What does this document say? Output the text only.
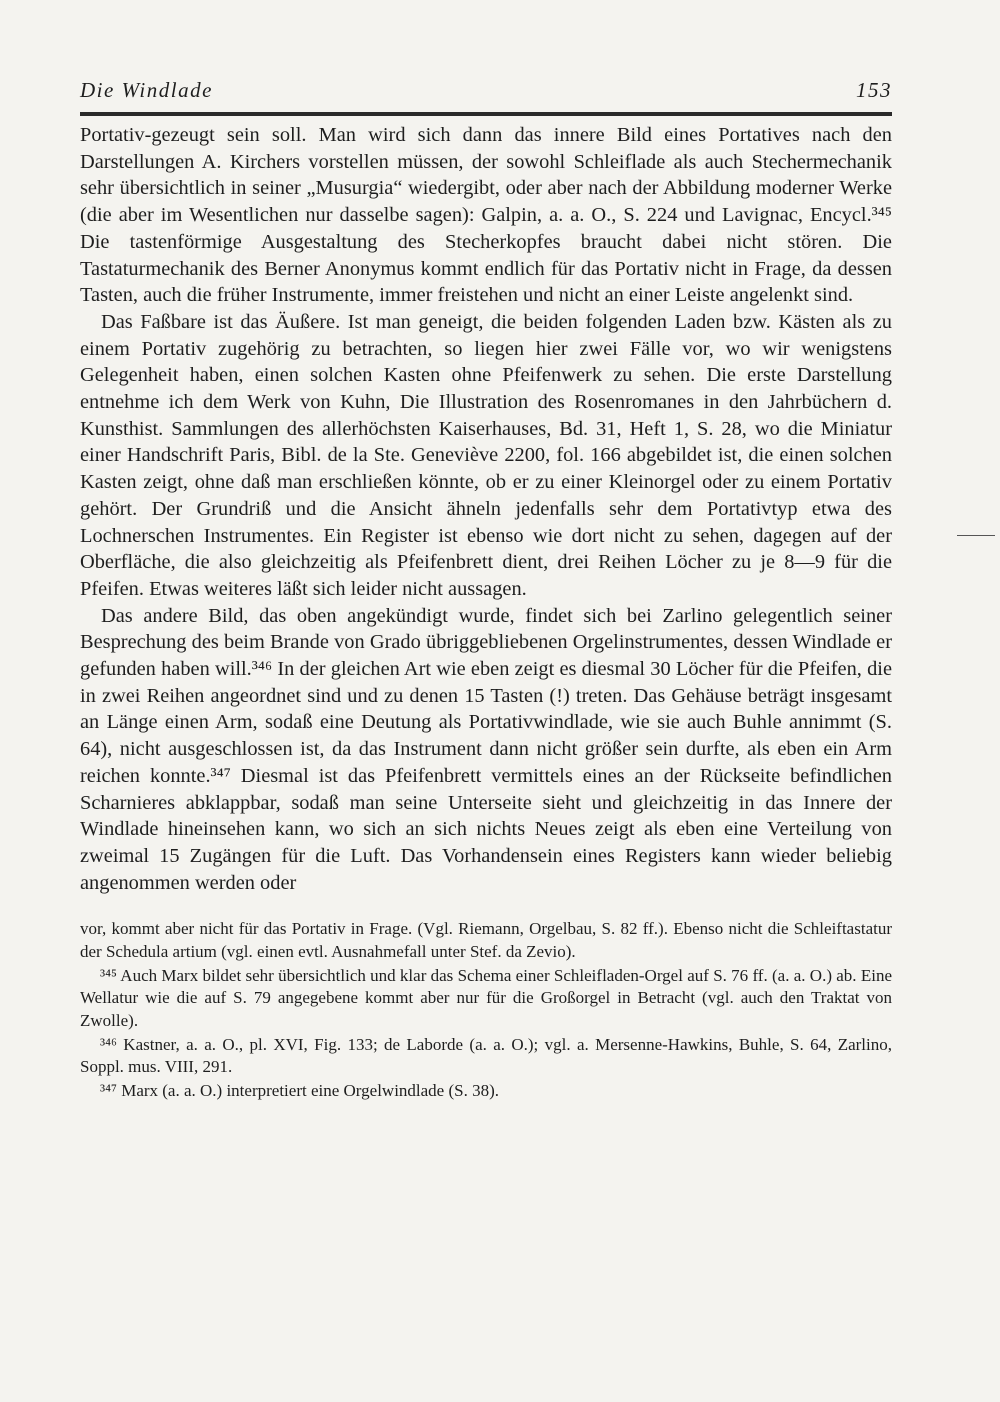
Die Windlade	153

Portativ-gezeugt sein soll. Man wird sich dann das innere Bild eines Portatives nach den Darstellungen A. Kirchers vorstellen müssen, der sowohl Schleiflade als auch Stechermechanik sehr übersichtlich in seiner „Musurgia“ wiedergibt, oder aber nach der Abbildung moderner Werke (die aber im Wesentlichen nur dasselbe sagen): Galpin, a. a. O., S. 224 und Lavignac, Encycl.³⁴⁵ Die tastenförmige Ausgestaltung des Stecherkopfes braucht dabei nicht stören. Die Tastaturmechanik des Berner Anonymus kommt endlich für das Portativ nicht in Frage, da dessen Tasten, auch die früher Instrumente, immer freistehen und nicht an einer Leiste angelenkt sind.

Das Faßbare ist das Äußere. Ist man geneigt, die beiden folgenden Laden bzw. Kästen als zu einem Portativ zugehörig zu betrachten, so liegen hier zwei Fälle vor, wo wir wenigstens Gelegenheit haben, einen solchen Kasten ohne Pfeifenwerk zu sehen. Die erste Darstellung entnehme ich dem Werk von Kuhn, Die Illustration des Rosenromanes in den Jahrbüchern d. Kunsthist. Sammlungen des allerhöchsten Kaiserhauses, Bd. 31, Heft 1, S. 28, wo die Miniatur einer Handschrift Paris, Bibl. de la Ste. Geneviève 2200, fol. 166 abgebildet ist, die einen solchen Kasten zeigt, ohne daß man erschließen könnte, ob er zu einer Kleinorgel oder zu einem Portativ gehört. Der Grundriß und die Ansicht ähneln jedenfalls sehr dem Portativtyp etwa des Lochnerschen Instrumentes. Ein Register ist ebenso wie dort nicht zu sehen, dagegen auf der Oberfläche, die also gleichzeitig als Pfeifenbrett dient, drei Reihen Löcher zu je 8—9 für die Pfeifen. Etwas weiteres läßt sich leider nicht aussagen.

Das andere Bild, das oben angekündigt wurde, findet sich bei Zarlino gelegentlich seiner Besprechung des beim Brande von Grado übriggebliebenen Orgelinstrumentes, dessen Windlade er gefunden haben will.³⁴⁶ In der gleichen Art wie eben zeigt es diesmal 30 Löcher für die Pfeifen, die in zwei Reihen angeordnet sind und zu denen 15 Tasten (!) treten. Das Gehäuse beträgt insgesamt an Länge einen Arm, sodaß eine Deutung als Portativwindlade, wie sie auch Buhle annimmt (S. 64), nicht ausgeschlossen ist, da das Instrument dann nicht größer sein durfte, als eben ein Arm reichen konnte.³⁴⁷ Diesmal ist das Pfeifenbrett vermittels eines an der Rückseite befindlichen Scharnieres abklappbar, sodaß man seine Unterseite sieht und gleichzeitig in das Innere der Windlade hineinsehen kann, wo sich an sich nichts Neues zeigt als eben eine Verteilung von zweimal 15 Zugängen für die Luft. Das Vorhandensein eines Registers kann wieder beliebig angenommen werden oder

vor, kommt aber nicht für das Portativ in Frage. (Vgl. Riemann, Orgelbau, S. 82 ff.). Ebenso nicht die Schleiftastatur der Schedula artium (vgl. einen evtl. Ausnahmefall unter Stef. da Zevio).

³⁴⁵ Auch Marx bildet sehr übersichtlich und klar das Schema einer Schleifladen-Orgel auf S. 76 ff. (a. a. O.) ab. Eine Wellatur wie die auf S. 79 angegebene kommt aber nur für die Großorgel in Betracht (vgl. auch den Traktat von Zwolle).

³⁴⁶ Kastner, a. a. O., pl. XVI, Fig. 133; de Laborde (a. a. O.); vgl. a. Mersenne-Hawkins, Buhle, S. 64, Zarlino, Soppl. mus. VIII, 291.

³⁴⁷ Marx (a. a. O.) interpretiert eine Orgelwindlade (S. 38).
